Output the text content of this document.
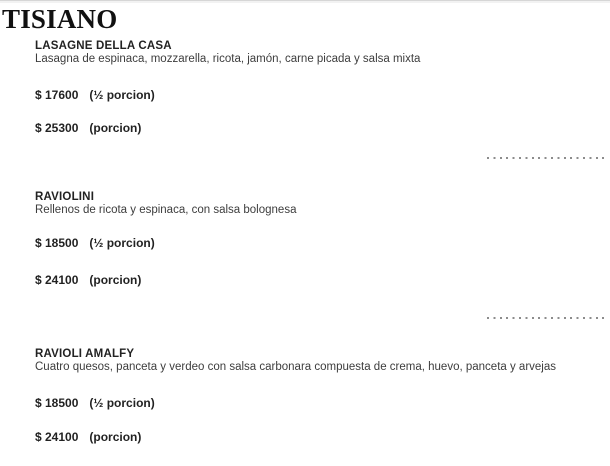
TISIANO
LASAGNE DELLA CASA

Lasagna de espinaca, mozzarella, ricota, jamón, carne picada y salsa mixta

$ 17600 (½ porcion)
$ 25300 (porcion)
RAVIOLINI

Rellenos de ricota y espinaca, con salsa bolognesa

$ 18500 (½ porcion)
$ 24100 (porcion)
RAVIOLI AMALFY

Cuatro quesos, panceta y verdeo con salsa carbonara compuesta de crema, huevo, panceta y arvejas

$ 18500 (½ porcion)
$ 24100 (porcion)
